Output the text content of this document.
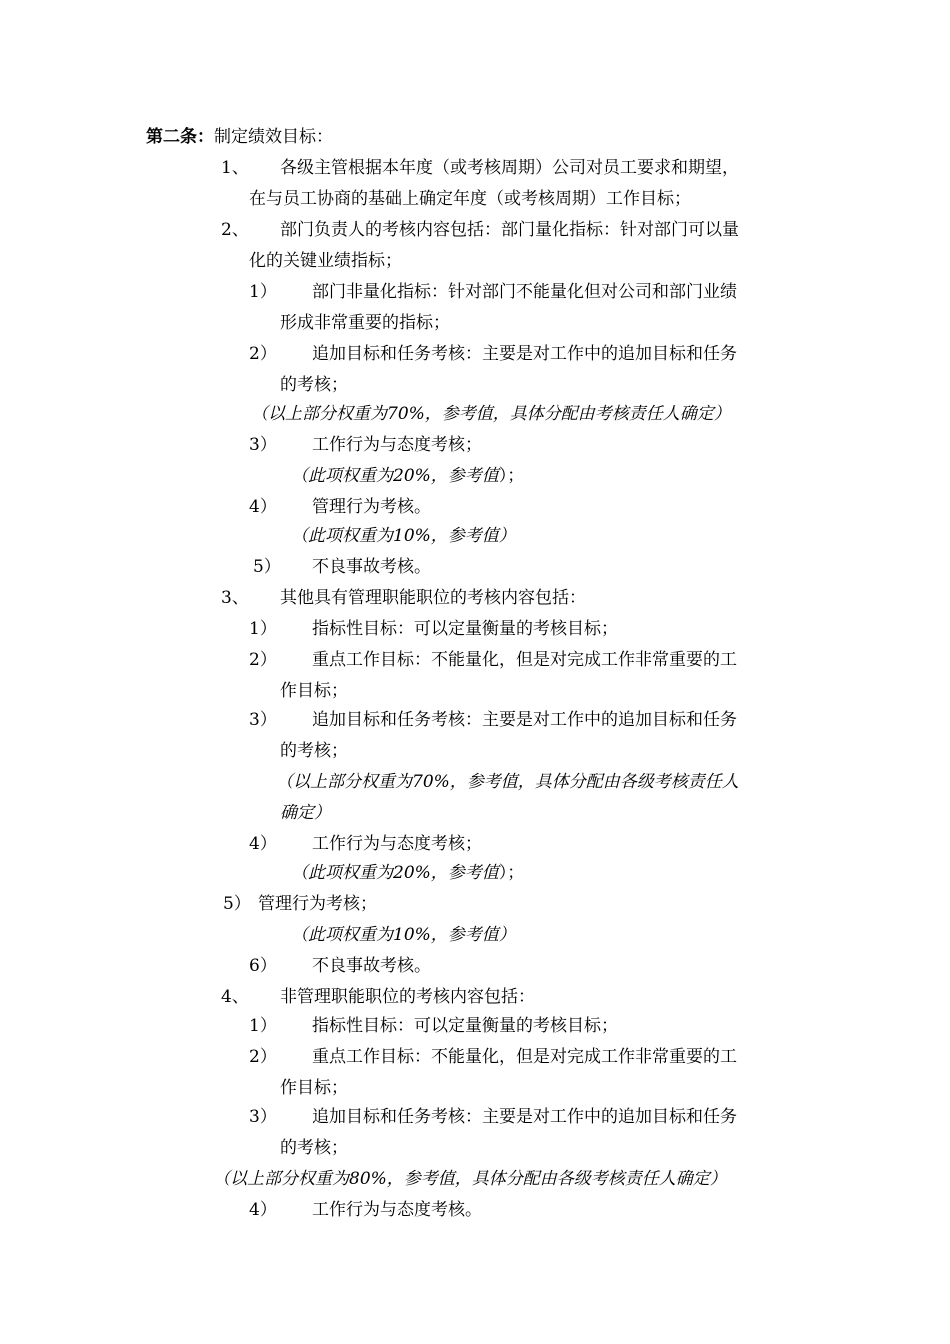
第二条：制定绩效目标：
1、 各级主管根据本年度（或考核周期）公司对员工要求和期望，
在与员工协商的基础上确定年度（或考核周期）工作目标；
2、 部门负责人的考核内容包括：部门量化指标：针对部门可以量
化的关键业绩指标；
1） 部门非量化指标：针对部门不能量化但对公司和部门业绩
形成非常重要的指标；
2） 追加目标和任务考核：主要是对工作中的追加目标和任务
的考核；
（以上部分权重为70%，参考值，具体分配由考核责任人确定）
3） 工作行为与态度考核；
（此项权重为20%，参考值）；
4） 管理行为考核。
（此项权重为10%，参考值）
5） 不良事故考核。
3、 其他具有管理职能职位的考核内容包括：
1） 指标性目标：可以定量衡量的考核目标；
2） 重点工作目标：不能量化，但是对完成工作非常重要的工
作目标；
3） 追加目标和任务考核：主要是对工作中的追加目标和任务
的考核；
（以上部分权重为70%，参考值，具体分配由各级考核责任人
确定）
4） 工作行为与态度考核；
（此项权重为20%，参考值）；
5） 管理行为考核；
（此项权重为10%，参考值）
6） 不良事故考核。
4、 非管理职能职位的考核内容包括：
1） 指标性目标：可以定量衡量的考核目标；
2） 重点工作目标：不能量化，但是对完成工作非常重要的工
作目标；
3） 追加目标和任务考核：主要是对工作中的追加目标和任务
的考核；
（以上部分权重为80%，参考值，具体分配由各级考核责任人确定）
4） 工作行为与态度考核。
